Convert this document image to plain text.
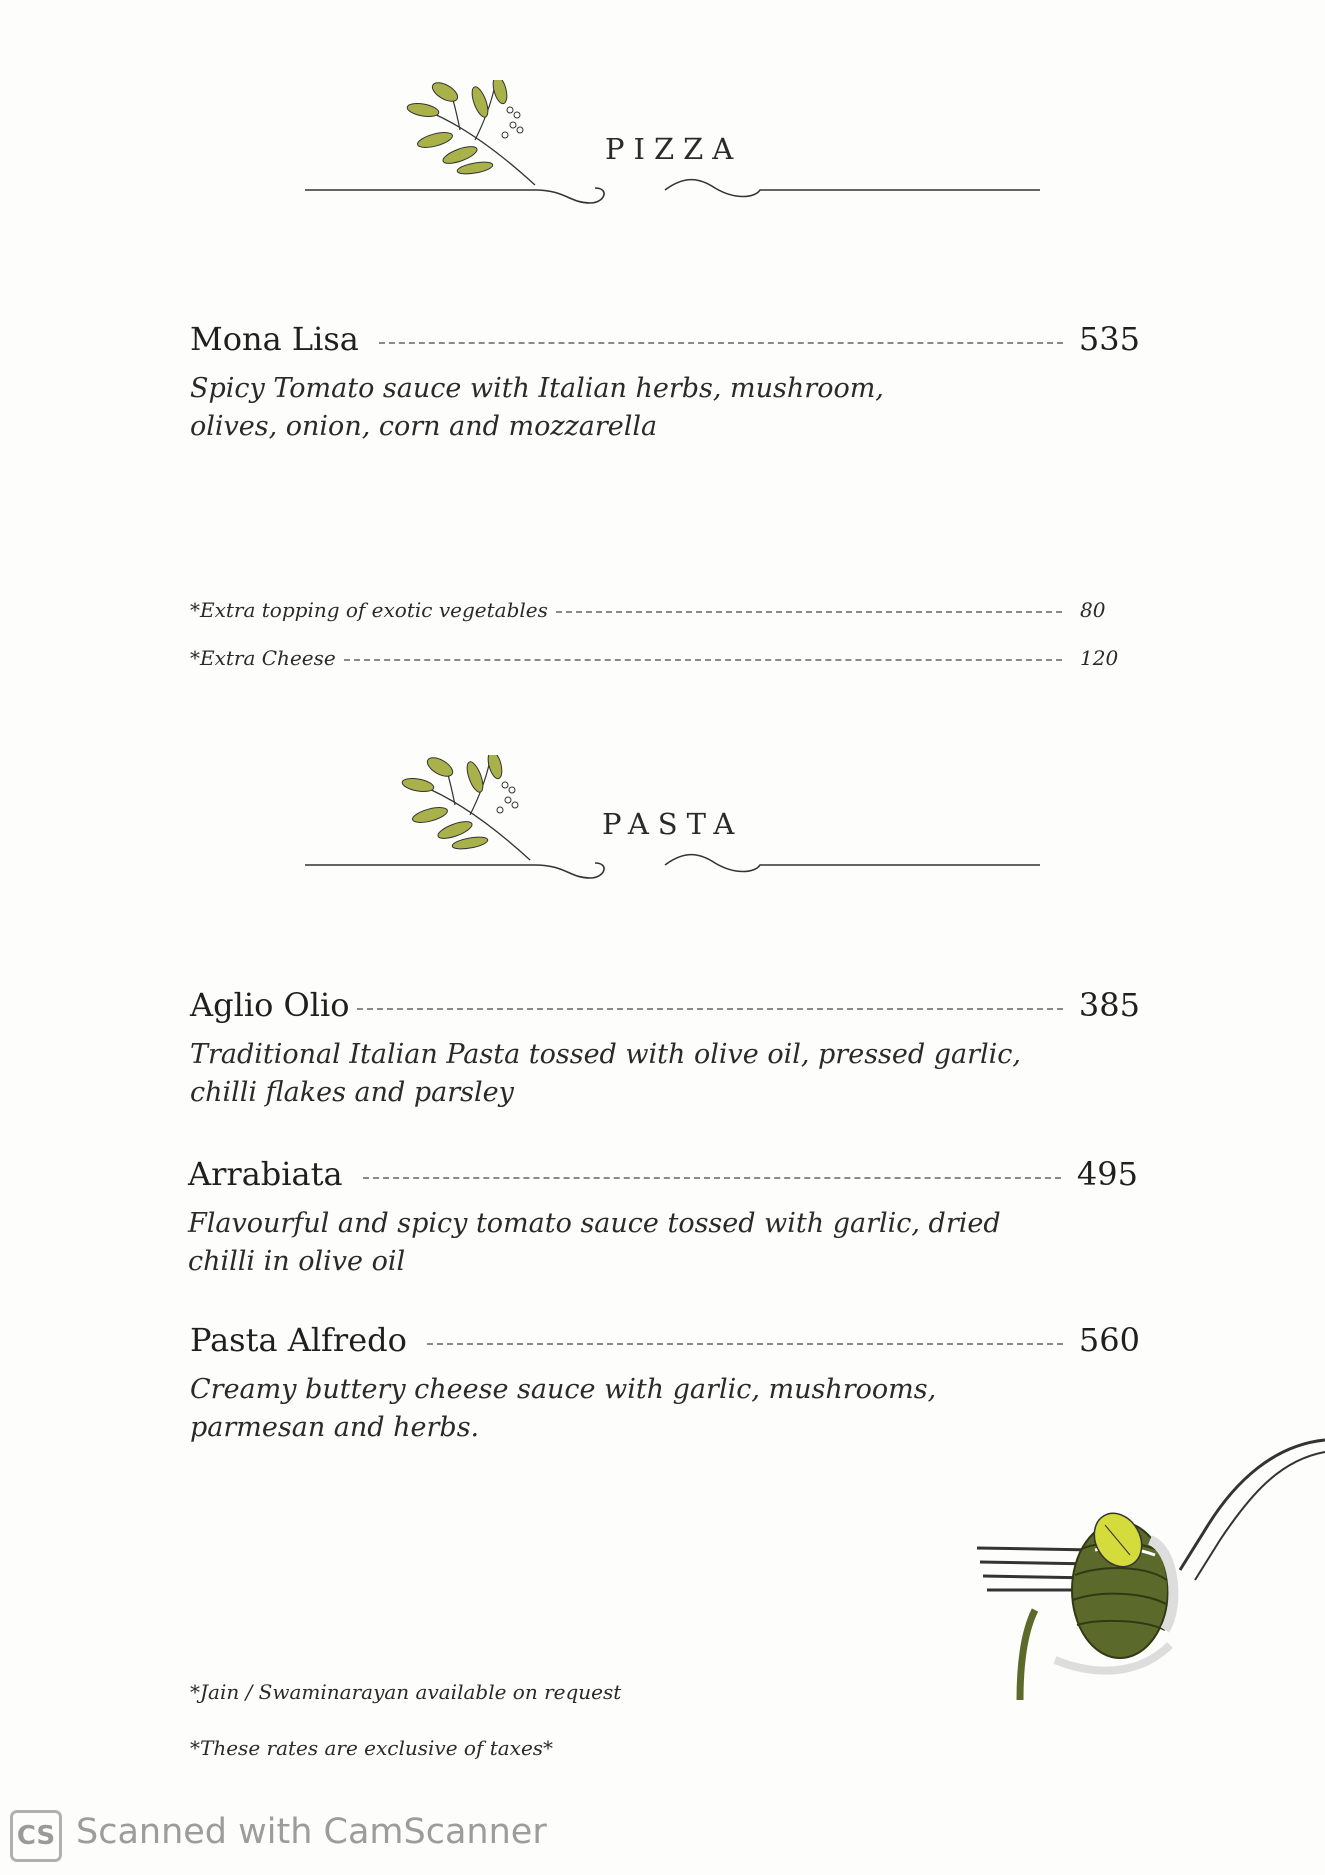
PIZZA
Mona Lisa	535
Spicy Tomato sauce with Italian herbs, mushroom,
olives, onion, corn and mozzarella
*Extra topping of exotic vegetables	80
*Extra Cheese	120
PASTA
Aglio Olio	385
Traditional Italian Pasta tossed with olive oil, pressed garlic,
chilli flakes and parsley
Arrabiata	495
Flavourful and spicy tomato sauce tossed with garlic, dried
chilli in olive oil
Pasta Alfredo	560
Creamy buttery cheese sauce with garlic, mushrooms,
parmesan and herbs.
*Jain / Swaminarayan available on request
*These rates are exclusive of taxes*
CS Scanned with CamScanner
